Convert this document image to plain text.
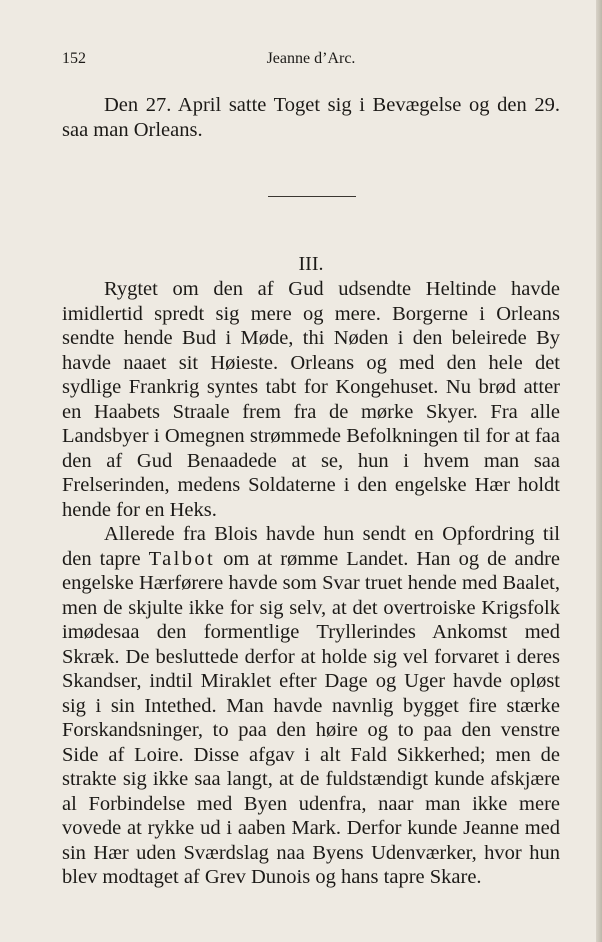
152	Jeanne d’Arc.

Den 27. April satte Toget sig i Bevægelse og den 29. saa man Orleans.

III.

Rygtet om den af Gud udsendte Heltinde havde imidlertid spredt sig mere og mere. Borgerne i Orleans sendte hende Bud i Møde, thi Nøden i den beleirede By havde naaet sit Høieste. Orleans og med den hele det sydlige Frankrig syntes tabt for Kongehuset. Nu brød atter en Haabets Straale frem fra de mørke Skyer. Fra alle Landsbyer i Omegnen strømmede Befolkningen til for at faa den af Gud Benaadede at se, hun i hvem man saa Frelserinden, medens Soldaterne i den engelske Hær holdt hende for en Heks.

Allerede fra Blois havde hun sendt en Opfordring til den tapre Talbot om at rømme Landet. Han og de andre engelske Hærførere havde som Svar truet hende med Baalet, men de skjulte ikke for sig selv, at det overtroiske Krigsfolk imødesaa den formentlige Tryllerindes Ankomst med Skræk. De besluttede derfor at holde sig vel forvaret i deres Skandser, indtil Miraklet efter Dage og Uger havde opløst sig i sin Intethed. Man havde navnlig bygget fire stærke Forskandsninger, to paa den høire og to paa den venstre Side af Loire. Disse afgav i alt Fald Sikkerhed; men de strakte sig ikke saa langt, at de fuldstændigt kunde afskjære al Forbindelse med Byen udenfra, naar man ikke mere vovede at rykke ud i aaben Mark. Derfor kunde Jeanne med sin Hær uden Sværdslag naa Byens Udenværker, hvor hun blev modtaget af Grev Dunois og hans tapre Skare.
